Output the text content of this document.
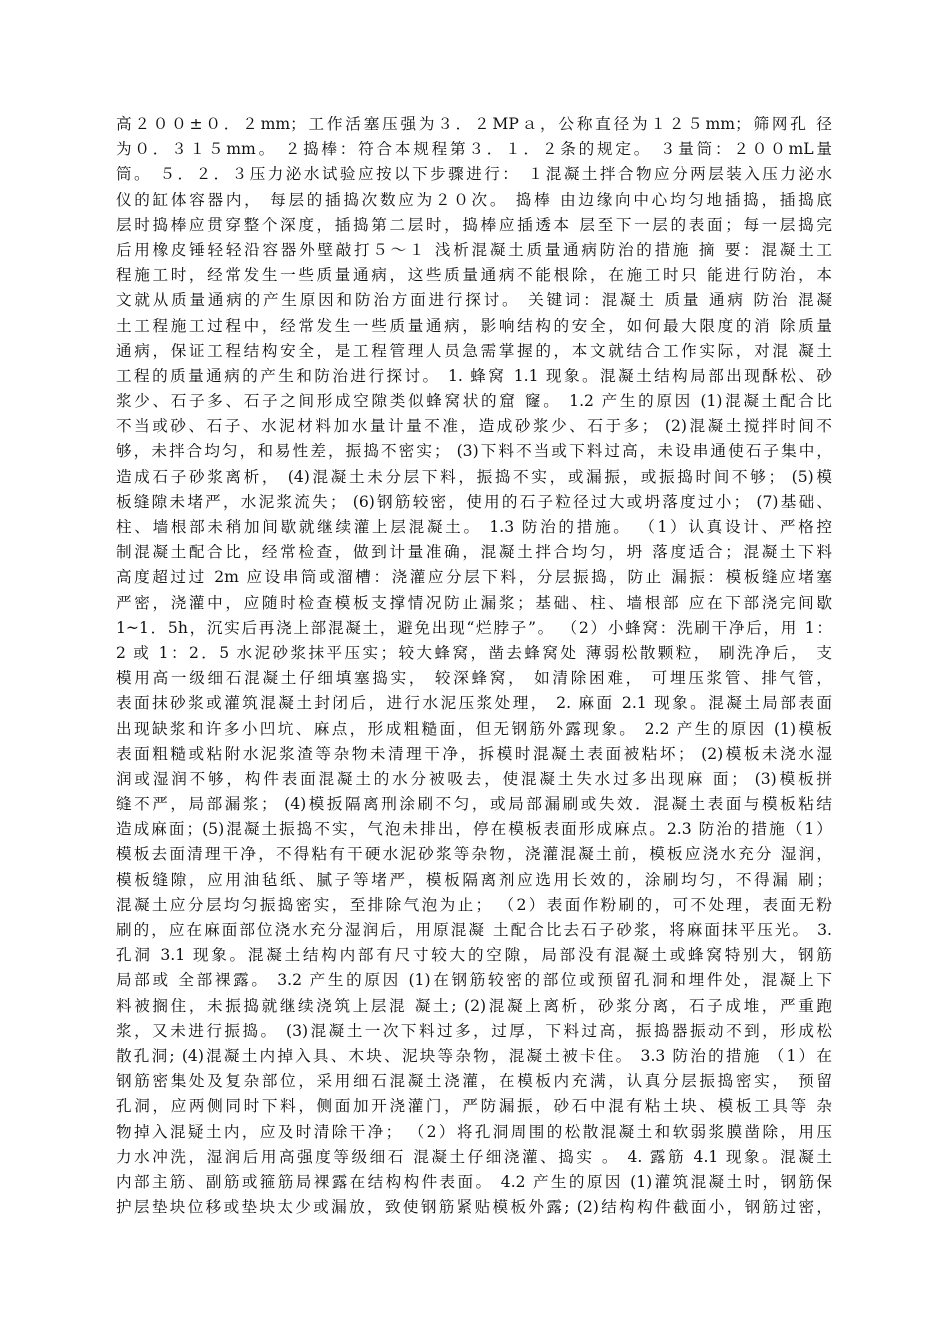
高２００±０．２mm；工作活塞压强为３．２MPａ，公称直径为１２５mm；筛网孔 径
为０．３１５mm。 ２捣棒：符合本规程第３．１．２条的规定。 ３量筒：２００mL量
筒。 ５．２．３压力泌水试验应按以下步骤进行： １混凝土拌合物应分两层装入压力泌水
仪的缸体容器内， 每层的插捣次数应为２０次。 捣棒 由边缘向中心均匀地插捣，插捣底
层时捣棒应贯穿整个深度，插捣第二层时，捣棒应插透本 层至下一层的表面；每一层捣完
后用橡皮锤轻轻沿容器外壁敲打５～１ 浅析混凝土质量通病防治的措施 摘 要：混凝土工
程施工时，经常发生一些质量通病，这些质量通病不能根除，在施工时只 能进行防治，本
文就从质量通病的产生原因和防治方面进行探讨。 关键词：混凝土 质量 通病 防治 混凝
土工程施工过程中，经常发生一些质量通病，影响结构的安全，如何最大限度的消 除质量
通病，保证工程结构安全，是工程管理人员急需掌握的，本文就结合工作实际，对混 凝土
工程的质量通病的产生和防治进行探讨。 1. 蜂窝 1.1 现象。混凝土结构局部出现酥松、砂
浆少、石子多、石子之间形成空隙类似蜂窝状的窟 窿。 1.2 产生的原因 (1)混凝土配合比
不当或砂、石子、水泥材料加水量计量不准，造成砂浆少、石于多； (2)混凝土搅拌时间不
够，未拌合均匀，和易性差，振捣不密实； (3)下料不当或下料过高，未设串通使石子集中，
造成石子砂浆离析， (4)混凝土未分层下料，振捣不实，或漏振，或振捣时间不够； (5)模
板缝隙未堵严，水泥浆流失； (6)钢筋较密，使用的石子粒径过大或坍落度过小； (7)基础、
柱、墙根部未稍加间歇就继续灌上层混凝土。 1.3 防治的措施。 （1）认真设计、严格控
制混凝土配合比，经常检查，做到计量准确，混凝土拌合均匀，坍 落度适合；混凝土下料
高度超过过 2m 应设串筒或溜槽：浇灌应分层下料，分层振捣，防止 漏振：模板缝应堵塞
严密，浇灌中，应随时检查模板支撑情况防止漏浆；基础、柱、墙根部 应在下部浇完间歇
1~1．5h，沉实后再浇上部混凝土，避免出现“烂脖子”。 （2）小蜂窝：洗刷干净后，用 1：
2 或 1：2．5 水泥砂浆抹平压实；较大蜂窝，凿去蜂窝处 薄弱松散颗粒， 刷洗净后， 支
模用高一级细石混凝土仔细填塞捣实， 较深蜂窝， 如清除困难， 可埋压浆管、排气管，
表面抹砂浆或灌筑混凝土封闭后，进行水泥压浆处理， 2. 麻面 2.1 现象。混凝土局部表面
出现缺浆和许多小凹坑、麻点，形成粗糙面，但无钢筋外露现象。 2.2 产生的原因 (1)模板
表面粗糙或粘附水泥浆渣等杂物未清理干净，拆模时混凝土表面被粘坏； (2)模板未浇水湿
润或湿润不够，构件表面混凝土的水分被吸去，使混凝土失水过多出现麻 面； (3)模板拼
缝不严，局部漏浆； (4)模扳隔离刑涂刷不匀，或局部漏刷或失效．混凝土表面与模板粘结
造成麻面；(5)混凝土振捣不实，气泡未排出，停在模板表面形成麻点。2.3 防治的措施（1）
模板去面清理干净，不得粘有干硬水泥砂浆等杂物，浇灌混凝土前，模板应浇水充分 湿润，
模板缝隙，应用油毡纸、腻子等堵严，模板隔离剂应选用长效的，涂刷均匀，不得漏 刷；
混凝土应分层均匀振捣密实，至排除气泡为止； （2）表面作粉刷的，可不处理，表面无粉
刷的，应在麻面部位浇水充分湿润后，用原混凝 土配合比去石子砂浆，将麻面抹平压光。 3.
孔洞 3.1 现象。混凝土结构内部有尺寸较大的空隙，局部没有混凝土或蜂窝特别大，钢筋
局部或 全部裸露。 3.2 产生的原因 (1)在钢筋较密的部位或预留孔洞和埋件处，混凝上下
料被搁住，未振捣就继续浇筑上层混 凝土; (2)混凝上离析，砂浆分离，石子成堆，严重跑
浆，又未进行振捣。 (3)混凝土一次下料过多，过厚，下料过高，振捣器振动不到，形成松
散孔洞; (4)混凝土内掉入具、木块、泥块等杂物，混凝土被卡住。 3.3 防治的措施 （1）在
钢筋密集处及复杂部位，采用细石混凝土浇灌，在模板内充满，认真分层振捣密实， 预留
孔洞，应两侧同时下料，侧面加开浇灌门，严防漏振，砂石中混有粘土块、模板工具等 杂
物掉入混疑土内，应及时清除干净； （2）将孔洞周围的松散混凝土和软弱浆膜凿除，用压
力水冲洗，湿润后用高强度等级细石 混凝土仔细浇灌、捣实 。 4. 露筋 4.1 现象。混凝土
内部主筋、副筋或箍筋局裸露在结构构件表面。 4.2 产生的原因 (1)灌筑混凝土时，钢筋保
护层垫块位移或垫块太少或漏放，致使钢筋紧贴模板外露; (2)结构构件截面小，钢筋过密，
